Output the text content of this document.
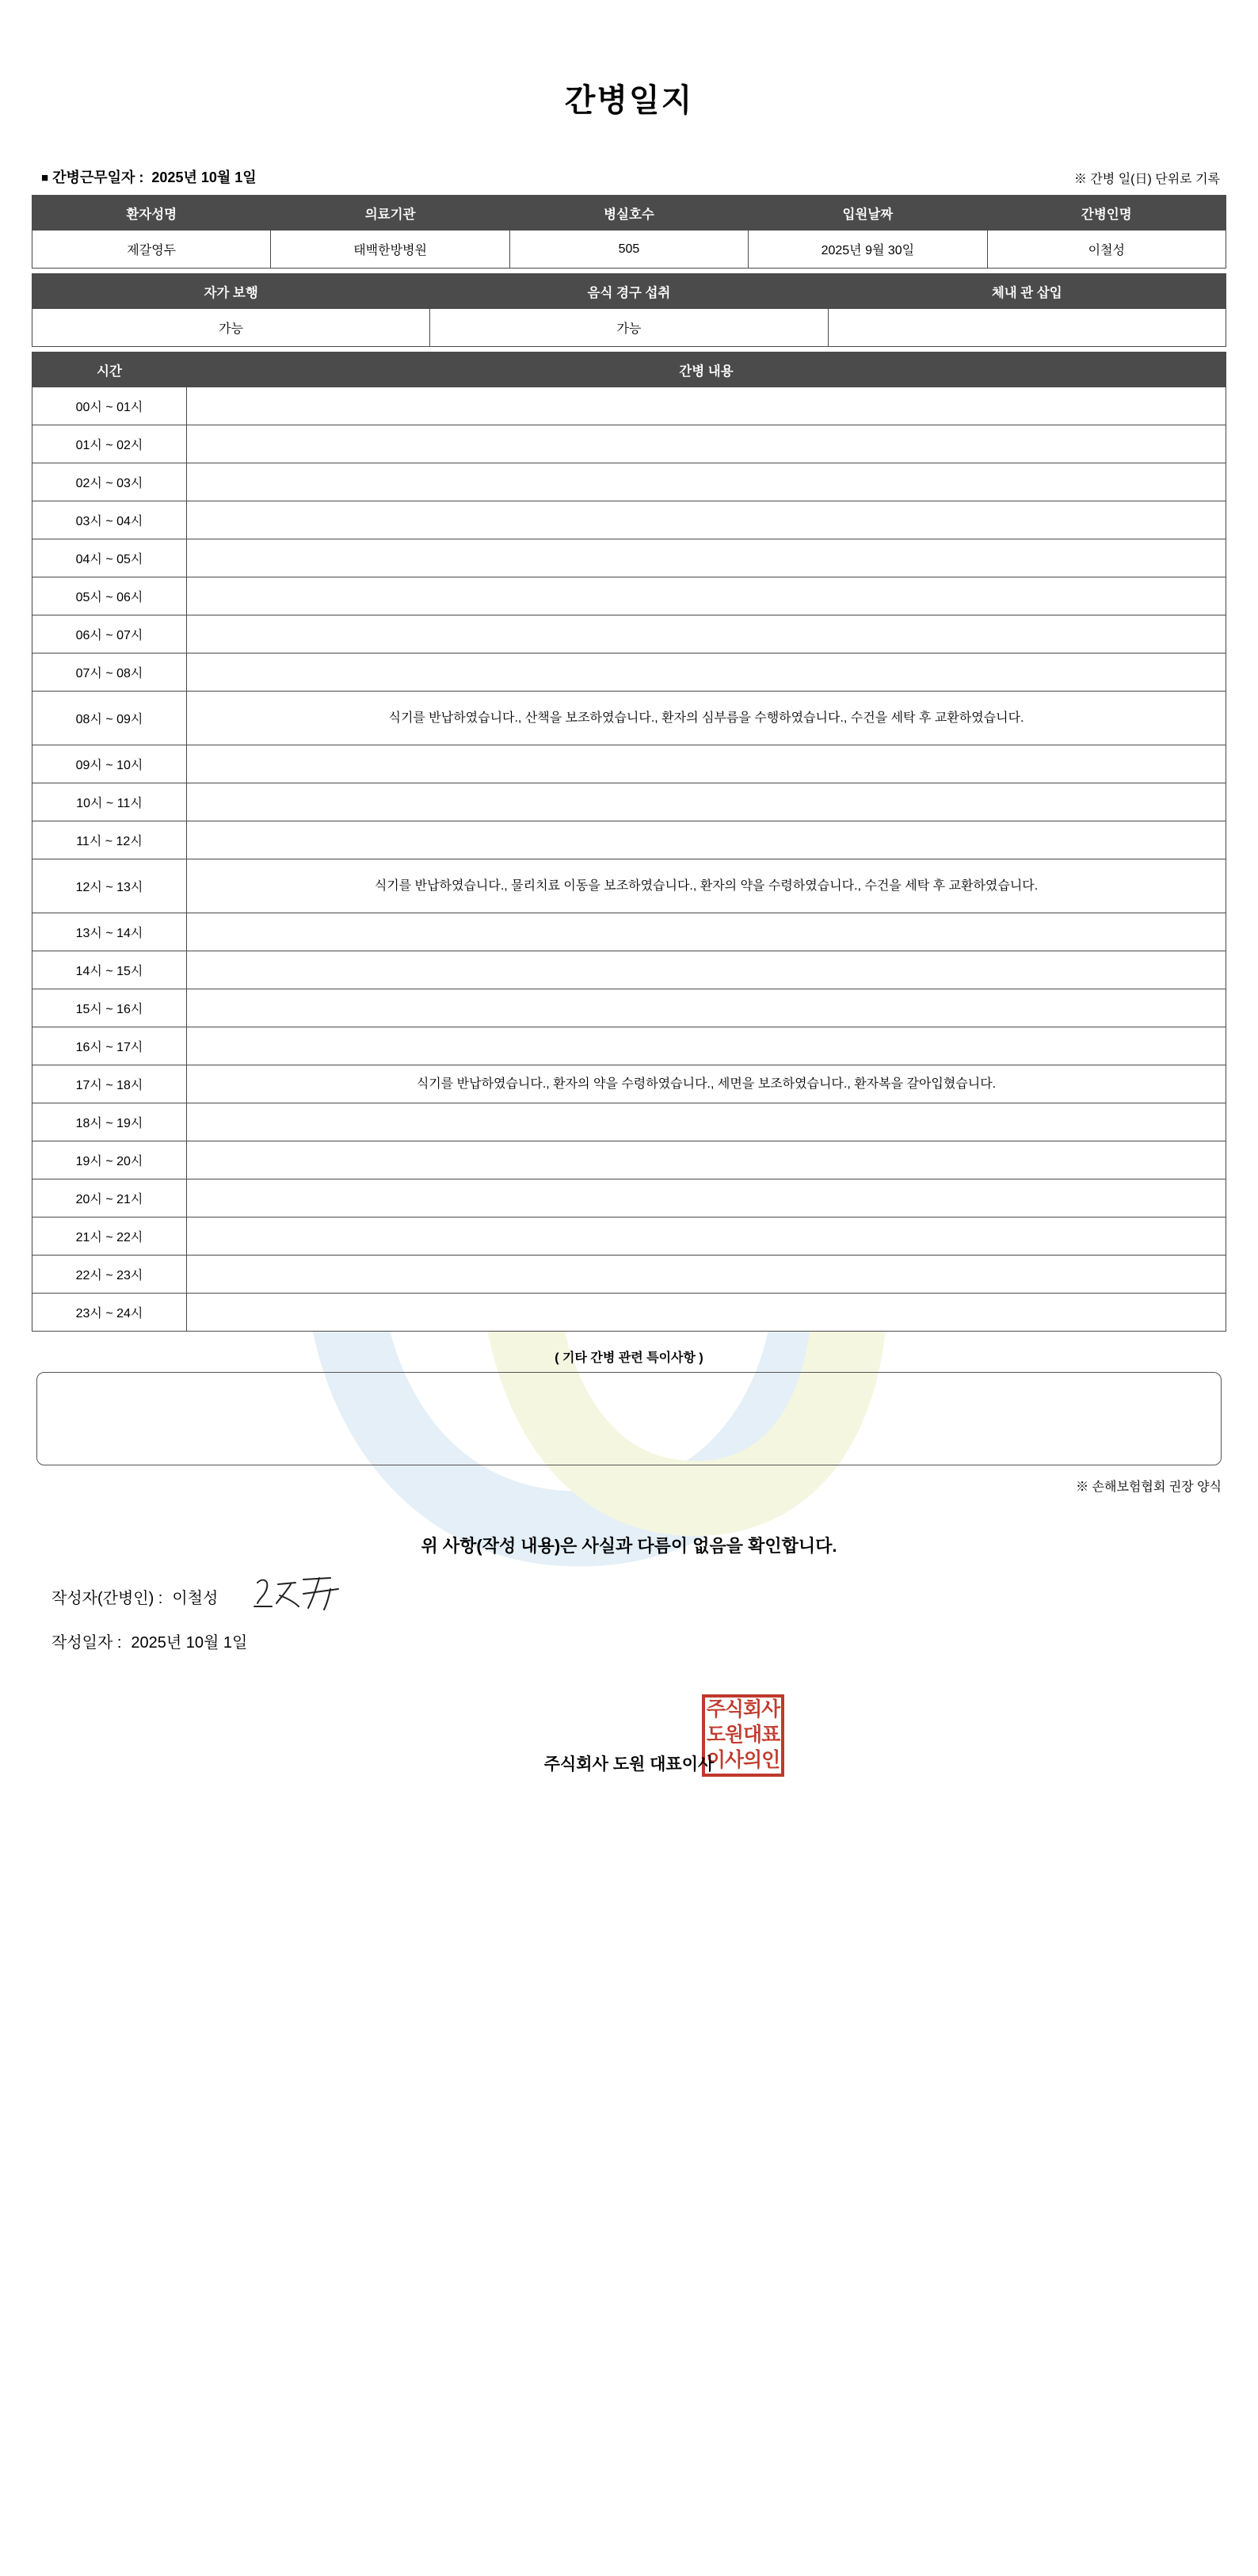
간병일지
■ 간병근무일자 : 2025년 10월 1일	※ 간병 일(日) 단위로 기록
환자성명	의료기관	병실호수	입원날짜	간병인명
제갈영두	태백한방병원	505	2025년 9월 30일	이철성
자가 보행	음식 경구 섭취	체내 관 삽입
가능	가능	
시간	간병 내용
00시 ~ 01시	
01시 ~ 02시	
02시 ~ 03시	
03시 ~ 04시	
04시 ~ 05시	
05시 ~ 06시	
06시 ~ 07시	
07시 ~ 08시	
08시 ~ 09시	식기를 반납하였습니다., 산책을 보조하였습니다., 환자의 심부름을 수행하였습니다., 수건을 세탁 후 교환하였습니다.
09시 ~ 10시	
10시 ~ 11시	
11시 ~ 12시	
12시 ~ 13시	식기를 반납하였습니다., 물리치료 이동을 보조하였습니다., 환자의 약을 수령하였습니다., 수건을 세탁 후 교환하였습니다.
13시 ~ 14시	
14시 ~ 15시	
15시 ~ 16시	
16시 ~ 17시	
17시 ~ 18시	식기를 반납하였습니다., 환자의 약을 수령하였습니다., 세면을 보조하였습니다., 환자복을 갈아입혔습니다.
18시 ~ 19시	
19시 ~ 20시	
20시 ~ 21시	
21시 ~ 22시	
22시 ~ 23시	
23시 ~ 24시	
( 기타 간병 관련 특이사항 )
※ 손해보험협회 권장 양식
위 사항(작성 내용)은 사실과 다름이 없음을 확인합니다.
작성자(간병인) : 이철성
작성일자 : 2025년 10월 1일
주식회사
도원대표
이사의인
주식회사 도원 대표이사
